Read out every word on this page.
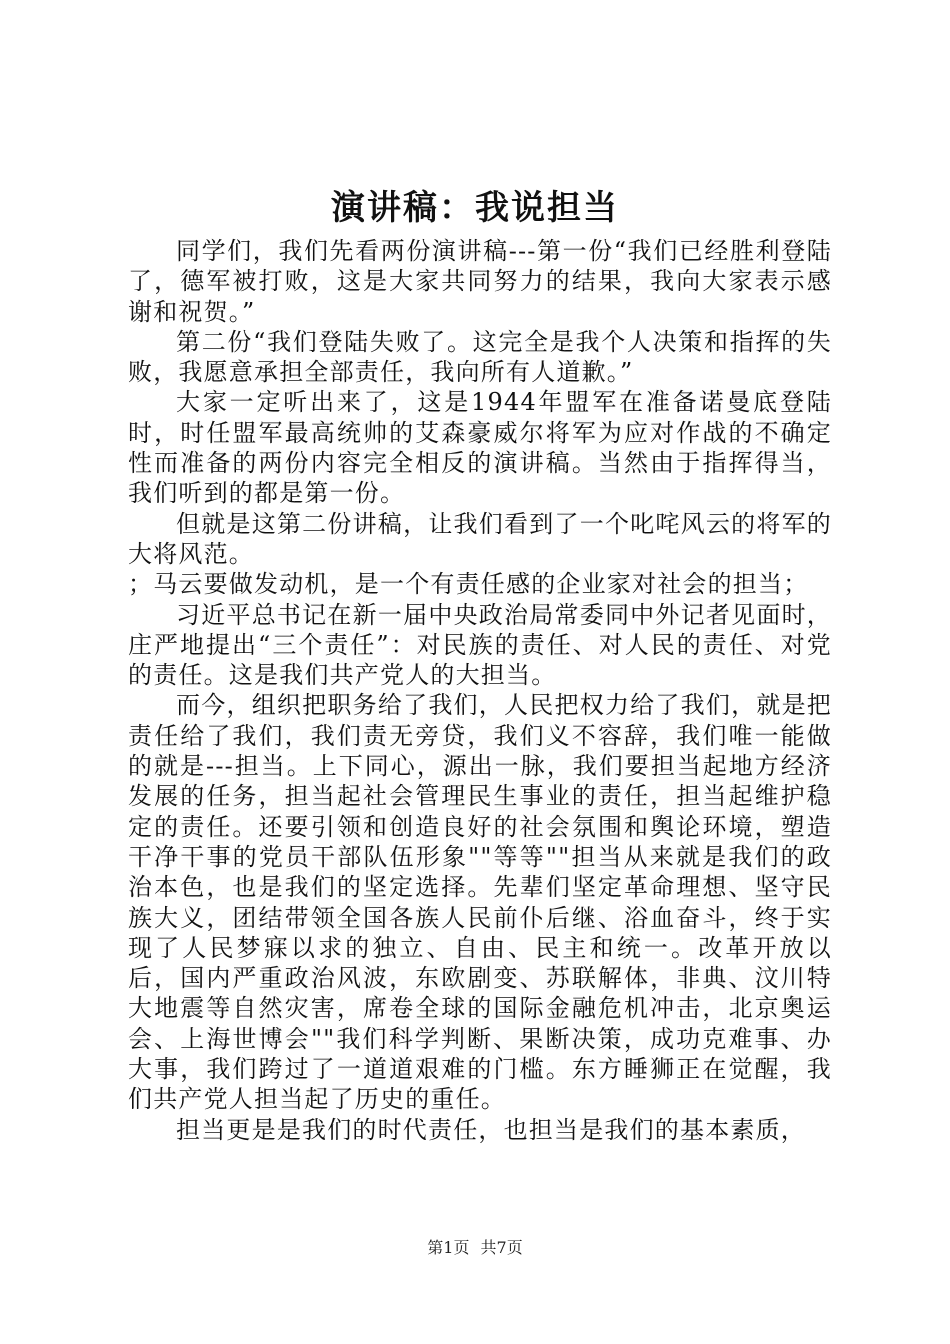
演讲稿：我说担当

同学们，我们先看两份演讲稿---第一份“我们已经胜利登陆了，德军被打败，这是大家共同努力的结果，我向大家表示感谢和祝贺。”

第二份“我们登陆失败了。这完全是我个人决策和指挥的失败，我愿意承担全部责任，我向所有人道歉。”

大家一定听出来了，这是1944年盟军在准备诺曼底登陆时，时任盟军最高统帅的艾森豪威尔将军为应对作战的不确定性而准备的两份内容完全相反的演讲稿。当然由于指挥得当，我们听到的都是第一份。

但就是这第二份讲稿，让我们看到了一个叱咤风云的将军的大将风范。

；马云要做发动机，是一个有责任感的企业家对社会的担当；

习近平总书记在新一届中央政治局常委同中外记者见面时，庄严地提出“三个责任”：对民族的责任、对人民的责任、对党的责任。这是我们共产党人的大担当。

而今，组织把职务给了我们，人民把权力给了我们，就是把责任给了我们，我们责无旁贷，我们义不容辞，我们唯一能做的就是---担当。上下同心，源出一脉，我们要担当起地方经济发展的任务，担当起社会管理民生事业的责任，担当起维护稳定的责任。还要引领和创造良好的社会氛围和舆论环境，塑造干净干事的党员干部队伍形象""等等""担当从来就是我们的政治本色，也是我们的坚定选择。先辈们坚定革命理想、坚守民族大义，团结带领全国各族人民前仆后继、浴血奋斗，终于实现了人民梦寐以求的独立、自由、民主和统一。改革开放以后，国内严重政治风波，东欧剧变、苏联解体，非典、汶川特大地震等自然灾害，席卷全球的国际金融危机冲击，北京奥运会、上海世博会""我们科学判断、果断决策，成功克难事、办大事，我们跨过了一道道艰难的门槛。东方睡狮正在觉醒，我们共产党人担当起了历史的重任。

担当更是是我们的时代责任，也担当是我们的基本素质，

第1页 共7页
